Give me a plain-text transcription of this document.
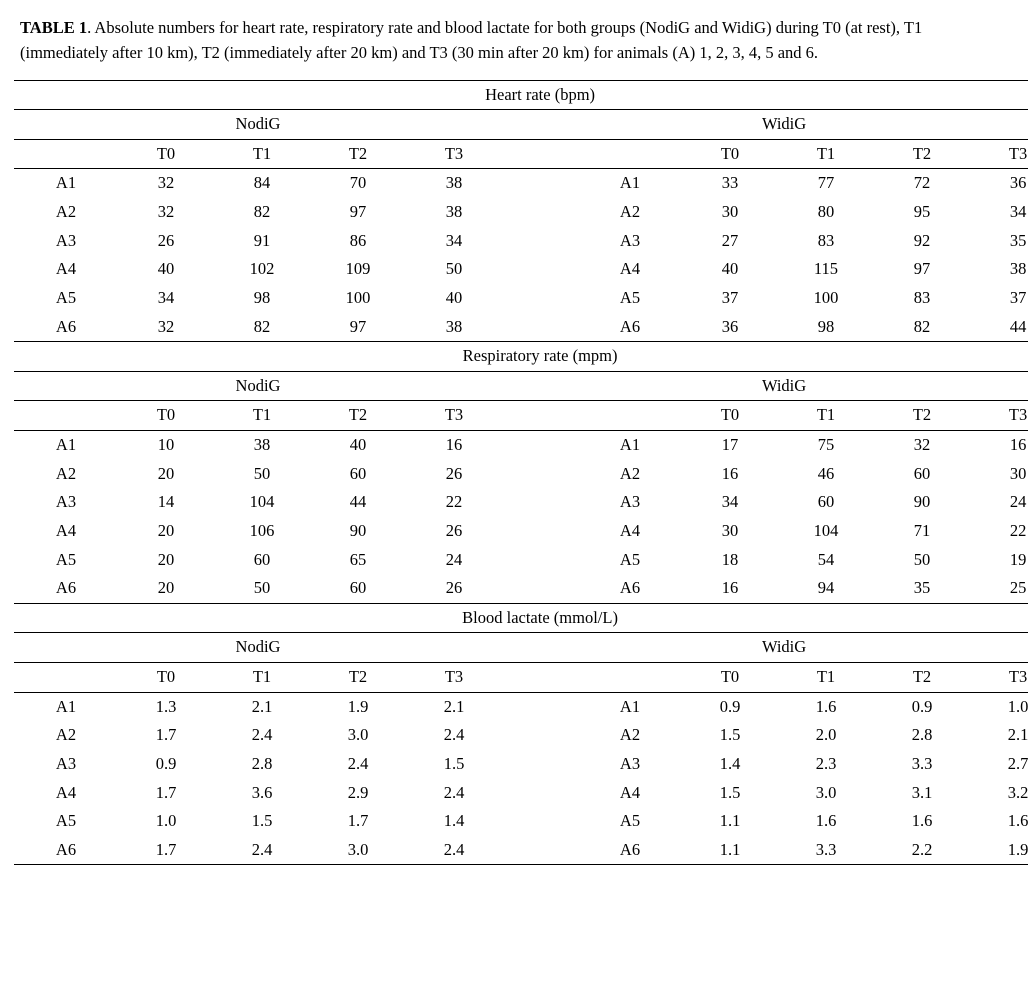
TABLE 1. Absolute numbers for heart rate, respiratory rate and blood lactate for both groups (NodiG and WidiG) during T0 (at rest), T1 (immediately after 10 km), T2 (immediately after 20 km) and T3 (30 min after 20 km) for animals (A) 1, 2, 3, 4, 5 and 6.

Heart rate (bpm)										
NodiG					WidiG					
	T0	T1	T2	T3			T0	T1	T2	T3
A1	32	84	70	38		A1	33	77	72	36
A2	32	82	97	38		A2	30	80	95	34
A3	26	91	86	34		A3	27	83	92	35
A4	40	102	109	50		A4	40	115	97	38
A5	34	98	100	40		A5	37	100	83	37
A6	32	82	97	38		A6	36	98	82	44
Respiratory rate (mpm)										
NodiG					WidiG					
	T0	T1	T2	T3			T0	T1	T2	T3
A1	10	38	40	16		A1	17	75	32	16
A2	20	50	60	26		A2	16	46	60	30
A3	14	104	44	22		A3	34	60	90	24
A4	20	106	90	26		A4	30	104	71	22
A5	20	60	65	24		A5	18	54	50	19
A6	20	50	60	26		A6	16	94	35	25
Blood lactate (mmol/L)										
NodiG					WidiG					
	T0	T1	T2	T3			T0	T1	T2	T3
A1	1.3	2.1	1.9	2.1		A1	0.9	1.6	0.9	1.0
A2	1.7	2.4	3.0	2.4		A2	1.5	2.0	2.8	2.1
A3	0.9	2.8	2.4	1.5		A3	1.4	2.3	3.3	2.7
A4	1.7	3.6	2.9	2.4		A4	1.5	3.0	3.1	3.2
A5	1.0	1.5	1.7	1.4		A5	1.1	1.6	1.6	1.6
A6	1.7	2.4	3.0	2.4		A6	1.1	3.3	2.2	1.9
